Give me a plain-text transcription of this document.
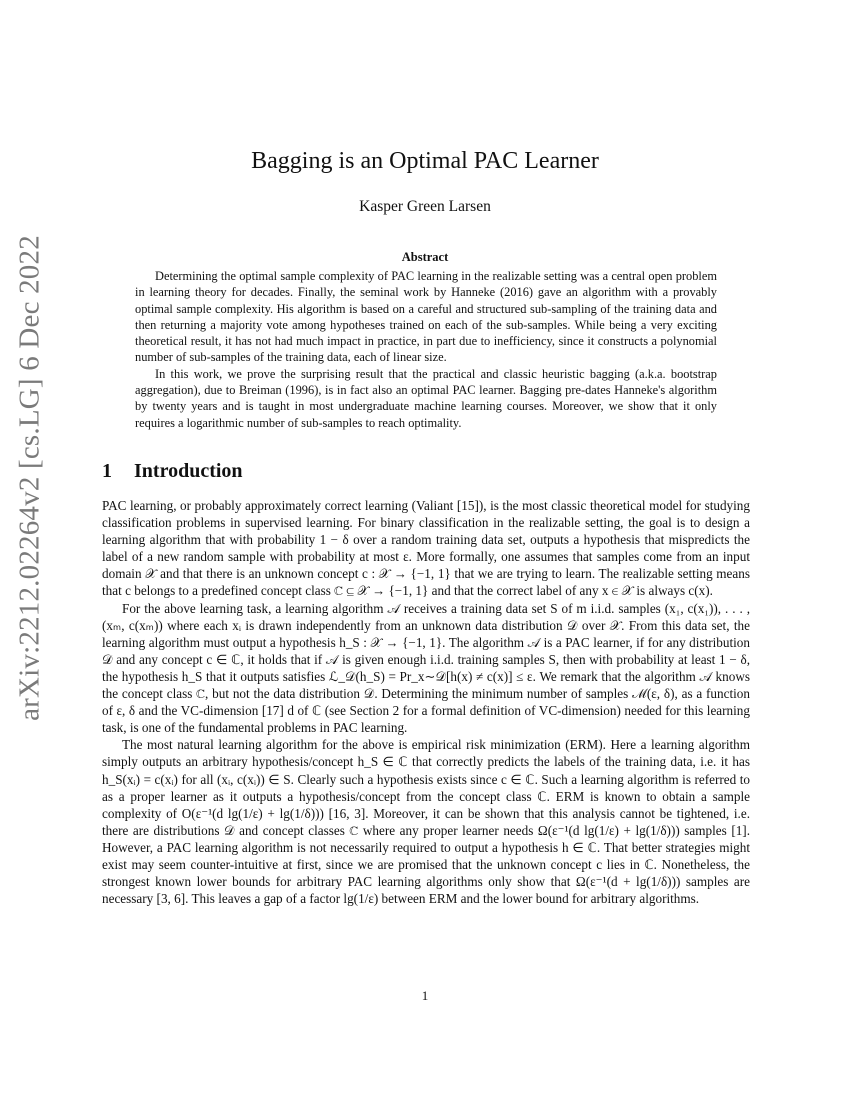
arXiv:2212.02264v2 [cs.LG] 6 Dec 2022
Bagging is an Optimal PAC Learner
Kasper Green Larsen
Abstract

Determining the optimal sample complexity of PAC learning in the realizable setting was a central open problem in learning theory for decades. Finally, the seminal work by Hanneke (2016) gave an algorithm with a provably optimal sample complexity. His algorithm is based on a careful and structured sub-sampling of the training data and then returning a majority vote among hypotheses trained on each of the sub-samples. While being a very exciting theoretical result, it has not had much impact in practice, in part due to inefficiency, since it constructs a polynomial number of sub-samples of the training data, each of linear size.

In this work, we prove the surprising result that the practical and classic heuristic bagging (a.k.a. bootstrap aggregation), due to Breiman (1996), is in fact also an optimal PAC learner. Bagging pre-dates Hanneke's algorithm by twenty years and is taught in most undergraduate machine learning courses. Moreover, we show that it only requires a logarithmic number of sub-samples to reach optimality.

1 Introduction

PAC learning, or probably approximately correct learning (Valiant [15]), is the most classic theoretical model for studying classification problems in supervised learning. For binary classification in the realizable setting, the goal is to design a learning algorithm that with probability 1 − δ over a random training data set, outputs a hypothesis that mispredicts the label of a new random sample with probability at most ε. More formally, one assumes that samples come from an input domain 𝒳 and that there is an unknown concept c : 𝒳 → {−1, 1} that we are trying to learn. The realizable setting means that c belongs to a predefined concept class ℂ ⊆ 𝒳 → {−1, 1} and that the correct label of any x ∈ 𝒳 is always c(x).

For the above learning task, a learning algorithm 𝒜 receives a training data set S of m i.i.d. samples (x₁, c(x₁)), . . . , (xₘ, c(xₘ)) where each xᵢ is drawn independently from an unknown data distribution 𝒟 over 𝒳. From this data set, the learning algorithm must output a hypothesis h_S : 𝒳 → {−1, 1}. The algorithm 𝒜 is a PAC learner, if for any distribution 𝒟 and any concept c ∈ ℂ, it holds that if 𝒜 is given enough i.i.d. training samples S, then with probability at least 1 − δ, the hypothesis h_S that it outputs satisfies ℒ_𝒟(h_S) = Pr_x∼𝒟[h(x) ≠ c(x)] ≤ ε. We remark that the algorithm 𝒜 knows the concept class ℂ, but not the data distribution 𝒟. Determining the minimum number of samples ℳ(ε, δ), as a function of ε, δ and the VC-dimension [17] d of ℂ (see Section 2 for a formal definition of VC-dimension) needed for this learning task, is one of the fundamental problems in PAC learning.

The most natural learning algorithm for the above is empirical risk minimization (ERM). Here a learning algorithm simply outputs an arbitrary hypothesis/concept h_S ∈ ℂ that correctly predicts the labels of the training data, i.e. it has h_S(xᵢ) = c(xᵢ) for all (xᵢ, c(xᵢ)) ∈ S. Clearly such a hypothesis exists since c ∈ ℂ. Such a learning algorithm is referred to as a proper learner as it outputs a hypothesis/concept from the concept class ℂ. ERM is known to obtain a sample complexity of O(ε⁻¹(d lg(1/ε) + lg(1/δ))) [16, 3]. Moreover, it can be shown that this analysis cannot be tightened, i.e. there are distributions 𝒟 and concept classes ℂ where any proper learner needs Ω(ε⁻¹(d lg(1/ε) + lg(1/δ))) samples [1]. However, a PAC learning algorithm is not necessarily required to output a hypothesis h ∈ ℂ. That better strategies might exist may seem counter-intuitive at first, since we are promised that the unknown concept c lies in ℂ. Nonetheless, the strongest known lower bounds for arbitrary PAC learning algorithms only show that Ω(ε⁻¹(d + lg(1/δ))) samples are necessary [3, 6]. This leaves a gap of a factor lg(1/ε) between ERM and the lower bound for arbitrary algorithms.

1
